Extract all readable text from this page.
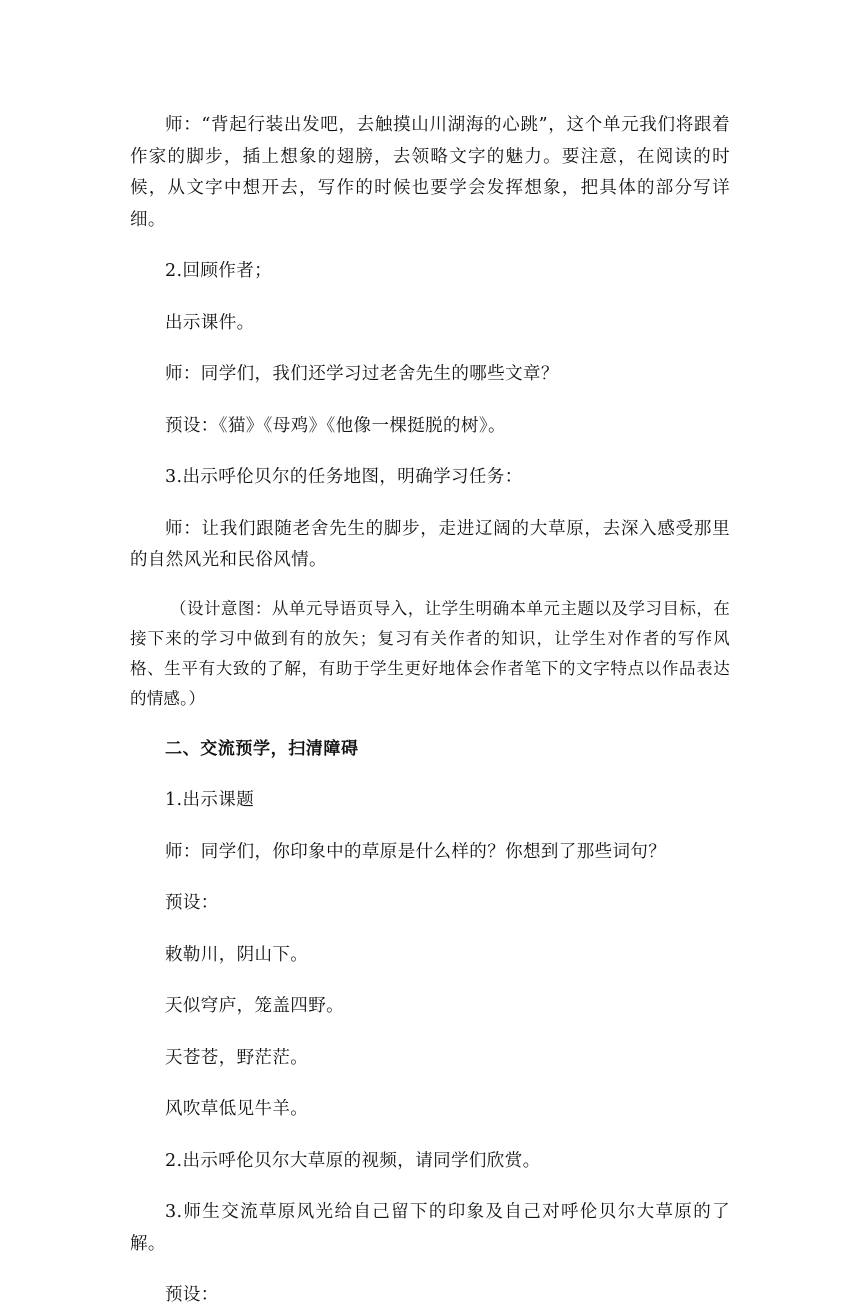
师：“背起行装出发吧，去触摸山川湖海的心跳”，这个单元我们将跟着作家的脚步，插上想象的翅膀，去领略文字的魅力。要注意，在阅读的时候，从文字中想开去，写作的时候也要学会发挥想象，把具体的部分写详细。

2.回顾作者；

出示课件。

师：同学们，我们还学习过老舍先生的哪些文章？

预设：《猫》《母鸡》《他像一棵挺脱的树》。

3.出示呼伦贝尔的任务地图，明确学习任务：

师：让我们跟随老舍先生的脚步，走进辽阔的大草原，去深入感受那里的自然风光和民俗风情。

（设计意图：从单元导语页导入，让学生明确本单元主题以及学习目标，在接下来的学习中做到有的放矢；复习有关作者的知识，让学生对作者的写作风格、生平有大致的了解，有助于学生更好地体会作者笔下的文字特点以作品表达的情感。）

二、交流预学，扫清障碍

1.出示课题

师：同学们，你印象中的草原是什么样的？你想到了那些词句？

预设：

敕勒川，阴山下。

天似穹庐，笼盖四野。

天苍苍，野茫茫。

风吹草低见牛羊。

2.出示呼伦贝尔大草原的视频，请同学们欣赏。

3.师生交流草原风光给自己留下的印象及自己对呼伦贝尔大草原的了解。

预设：
